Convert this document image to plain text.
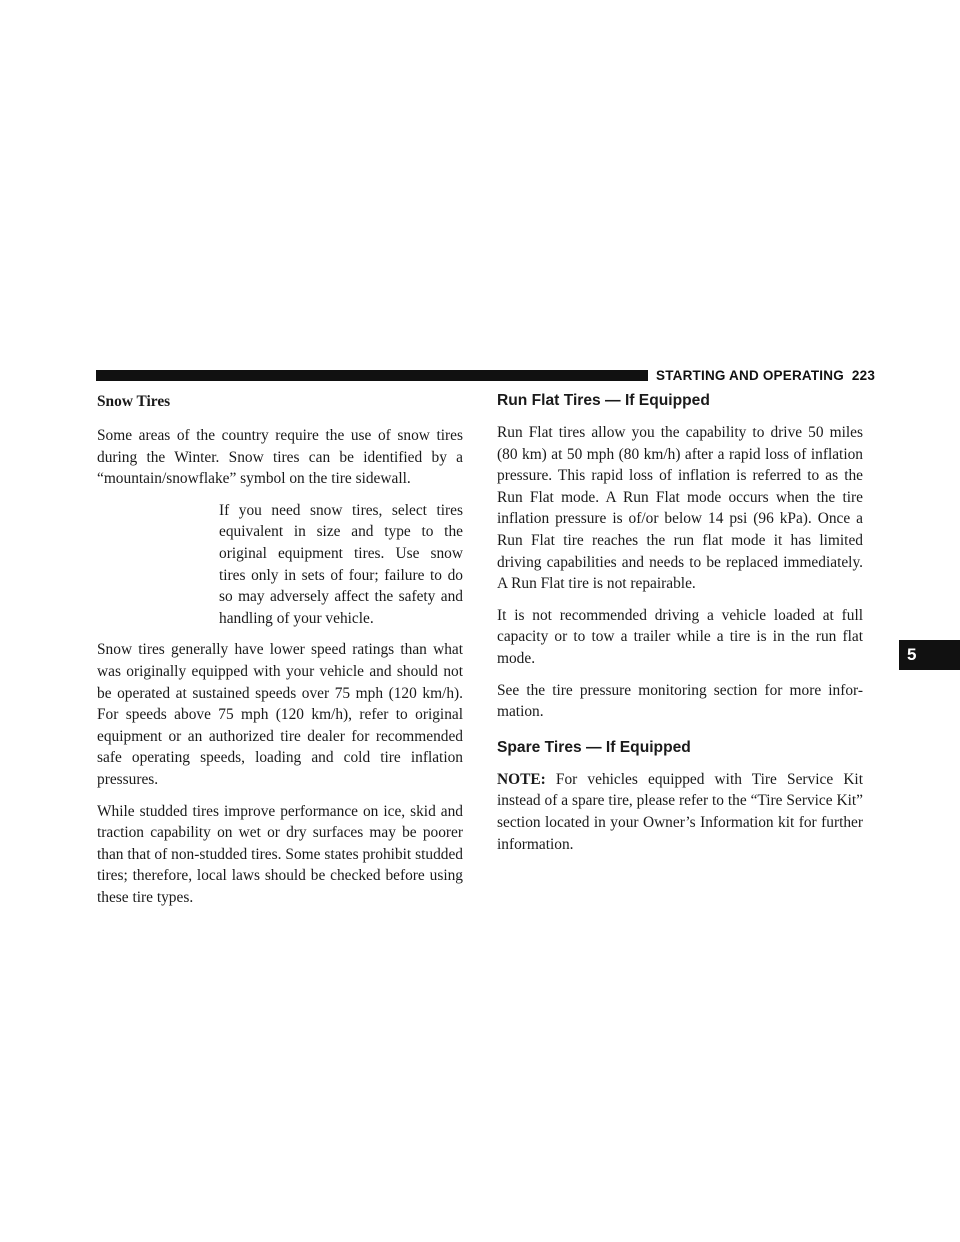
STARTING AND OPERATING 223
5
Snow Tires

Some areas of the country require the use of snow tires during the Winter. Snow tires can be identified by a “mountain/snowflake” symbol on the tire sidewall.

If you need snow tires, select tires equivalent in size and type to the original equipment tires. Use snow tires only in sets of four; failure to do so may adversely affect the safety and handling of your vehicle.

Snow tires generally have lower speed ratings than what was originally equipped with your vehicle and should not be operated at sustained speeds over 75 mph (120 km/h). For speeds above 75 mph (120 km/h), refer to original equipment or an authorized tire dealer for recommended safe operating speeds, loading and cold tire inflation pressures.

While studded tires improve performance on ice, skid and traction capability on wet or dry surfaces may be poorer than that of non-studded tires. Some states prohibit studded tires; therefore, local laws should be checked before using these tire types.

Run Flat Tires — If Equipped

Run Flat tires allow you the capability to drive 50 miles (80 km) at 50 mph (80 km/h) after a rapid loss of inflation pressure. This rapid loss of inflation is referred to as the Run Flat mode. A Run Flat mode occurs when the tire inflation pressure is of/or below 14 psi (96 kPa). Once a Run Flat tire reaches the run flat mode it has limited driving capabilities and needs to be replaced immediately. A Run Flat tire is not repairable.

It is not recommended driving a vehicle loaded at full capacity or to tow a trailer while a tire is in the run flat mode.

See the tire pressure monitoring section for more infor-mation.

Spare Tires — If Equipped

NOTE: For vehicles equipped with Tire Service Kit instead of a spare tire, please refer to the “Tire Service Kit” section located in your Owner’s Information kit for further information.
